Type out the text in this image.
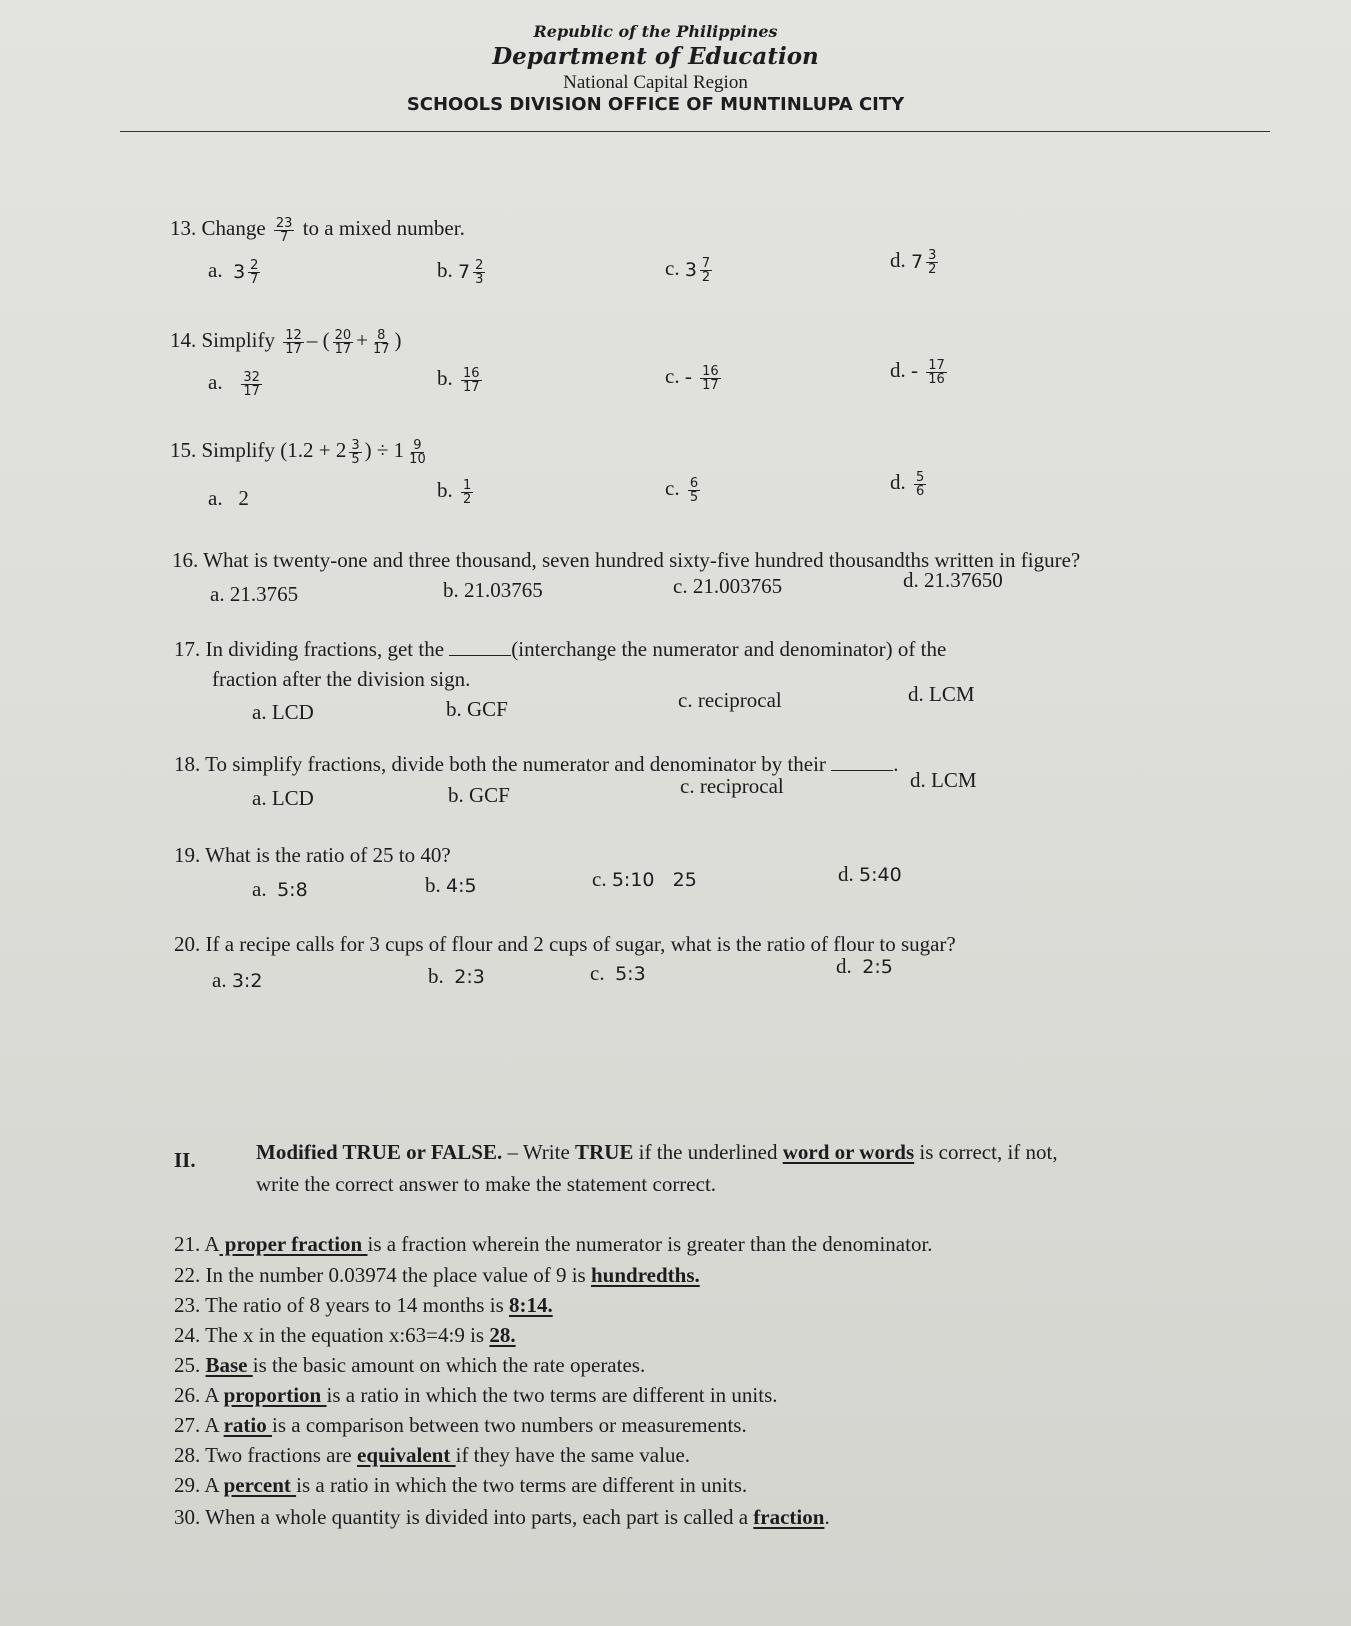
Republic of the Philippines
Department of Education
National Capital Region
SCHOOLS DIVISION OFFICE OF MUNTINLUPA CITY
13. Change $\frac{23}{7}$ to a mixed number.
a. $3 \frac{2}{7}$	b. $7 \frac{2}{3}$	c. $3 \frac{7}{2}$	d. $7 \frac{3}{2}$
14. Simplify $\frac{12}{17}$ – ( $\frac{20}{17} + \frac{8}{17}$ )
a. $\frac{32}{17}$	b. $\frac{16}{17}$	c. - $\frac{16}{17}$	d. - $\frac{17}{16}$
15. Simplify ($1.2 + 2 \frac{3}{5}$ ) ÷ $1 \frac{9}{10}$
a. 2	b. $\frac{1}{2}$	c. $\frac{6}{5}$	d. $\frac{5}{6}$
16. What is twenty-one and three thousand, seven hundred sixty-five hundred thousandths written in figure?
a. 21.3765	b. 21.03765	c. 21.003765	d. 21.37650
17. In dividing fractions, get the	(interchange the numerator and denominator) of the
fraction after the division sign.
a. LCD	b. GCF	c. reciprocal	d. LCM
18. To simplify fractions, divide both the numerator and denominator by their	.
a. LCD	b. GCF	c. reciprocal	d. LCM
19. What is the ratio of 25 to 40?
a. 5:8	b. 4:5	c. 5:10   25	d. 5:40
20. If a recipe calls for 3 cups of flour and 2 cups of sugar, what is the ratio of flour to sugar?
a. 3:2	b. 2:3	c. 5:3	d. 2:5
II.	Modified TRUE or FALSE. – Write TRUE if the underlined word or words is correct, if not,
write the correct answer to make the statement correct.
21. A proper fraction is a fraction wherein the numerator is greater than the denominator.
22. In the number 0.03974 the place value of 9 is hundredths.
23. The ratio of 8 years to 14 months is 8:14.
24. The x in the equation x:63=4:9 is 28.
25. Base is the basic amount on which the rate operates.
26. A proportion is a ratio in which the two terms are different in units.
27. A ratio is a comparison between two numbers or measurements.
28. Two fractions are equivalent if they have the same value.
29. A percent is a ratio in which the two terms are different in units.
30. When a whole quantity is divided into parts, each part is called a fraction.
